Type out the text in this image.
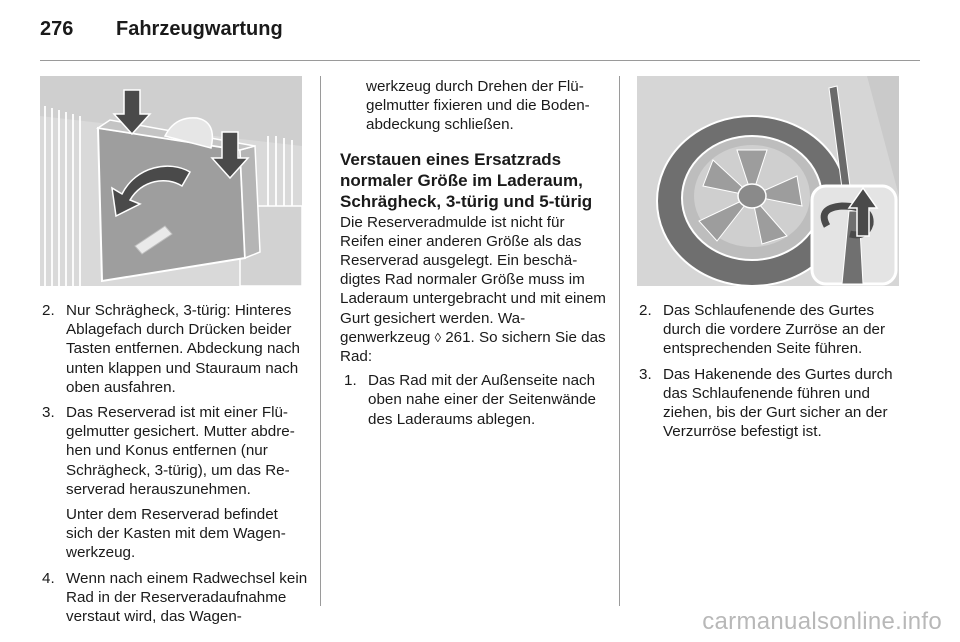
276	Fahrzeugwartung
2. Nur Schrägheck, 3-türig: Hinteres Ablagefach durch Drücken beider Tasten entfernen. Abdeckung nach unten klappen und Stauraum nach oben ausfahren.
3. Das Reserverad ist mit einer Flügelmutter gesichert. Mutter abdrehen und Konus entfernen (nur Schrägheck, 3-türig), um das Reserverad herauszunehmen.
Unter dem Reserverad befindet sich der Kasten mit dem Wagenwerkzeug.
4. Wenn nach einem Radwechsel kein Rad in der Reserveradaufnahme verstaut wird, das Wagen-
werkzeug durch Drehen der Flügelmutter fixieren und die Bodenabdeckung schließen.
Verstauen eines Ersatzrads normaler Größe im Laderaum, Schrägheck, 3-türig und 5-türig
Die Reserveradmulde ist nicht für Reifen einer anderen Größe als das Reserverad ausgelegt. Ein beschädigtes Rad normaler Größe muss im Laderaum untergebracht und mit einem Gurt gesichert werden. Wagenwerkzeug ◊ 261. So sichern Sie das Rad:
1. Das Rad mit der Außenseite nach oben nahe einer der Seitenwände des Laderaums ablegen.
2. Das Schlaufenende des Gurtes durch die vordere Zurröse an der entsprechenden Seite führen.
3. Das Hakenende des Gurtes durch das Schlaufenende führen und ziehen, bis der Gurt sicher an der Verzurröse befestigt ist.
carmanualsonline.info
